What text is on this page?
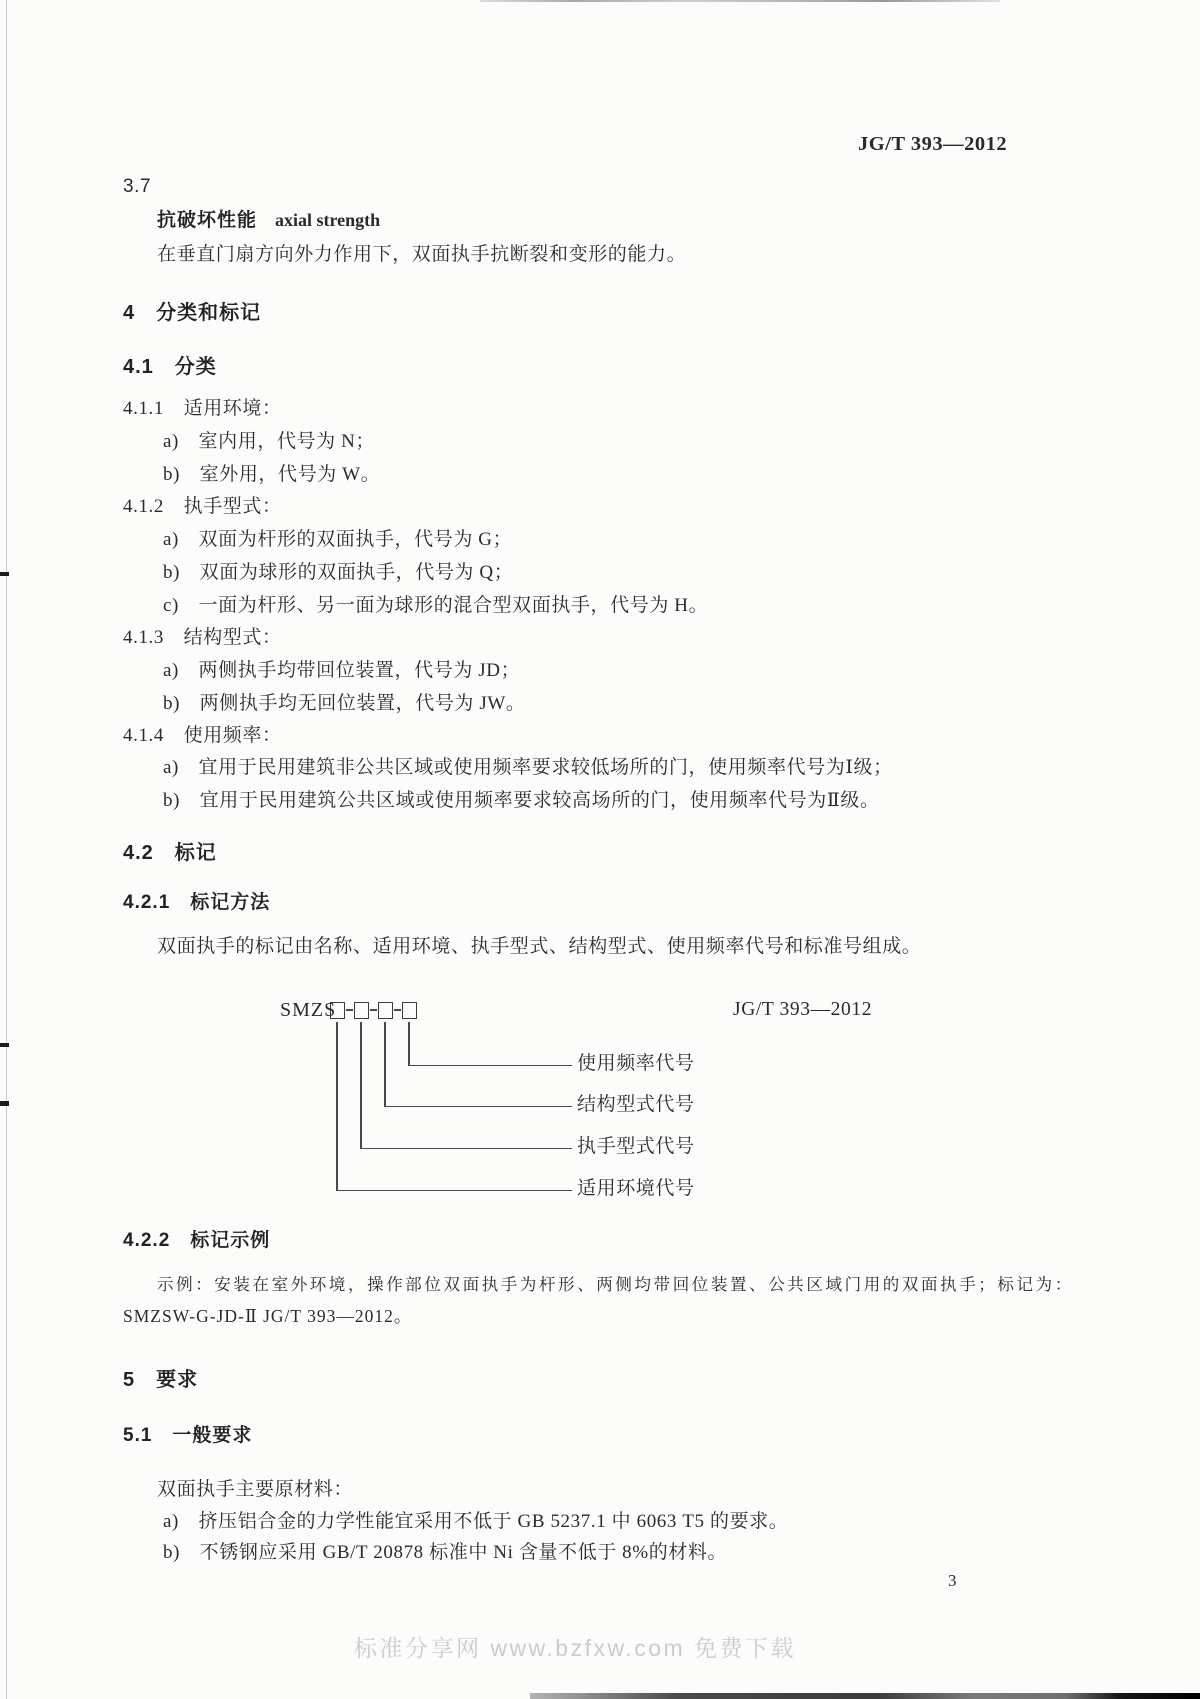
JG/T 393—2012
3.7
抗破坏性能 axial strength
在垂直门扇方向外力作用下，双面执手抗断裂和变形的能力。
4　分类和标记
4.1　分类
4.1.1　适用环境：
a)　室内用，代号为 N；
b)　室外用，代号为 W。
4.1.2　执手型式：
a)　双面为杆形的双面执手，代号为 G；
b)　双面为球形的双面执手，代号为 Q；
c)　一面为杆形、另一面为球形的混合型双面执手，代号为 H。
4.1.3　结构型式：
a)　两侧执手均带回位装置，代号为 JD；
b)　两侧执手均无回位装置，代号为 JW。
4.1.4　使用频率：
a)　宜用于民用建筑非公共区域或使用频率要求较低场所的门，使用频率代号为Ⅰ级；
b)　宜用于民用建筑公共区域或使用频率要求较高场所的门，使用频率代号为Ⅱ级。
4.2　标记
4.2.1　标记方法
双面执手的标记由名称、适用环境、执手型式、结构型式、使用频率代号和标准号组成。
SMZS	JG/T 393—2012
使用频率代号
结构型式代号
执手型式代号
适用环境代号
4.2.2　标记示例
示例：安装在室外环境，操作部位双面执手为杆形、两侧均带回位装置、公共区域门用的双面执手；标记为：
SMZSW-G-JD-Ⅱ JG/T 393—2012。
5　要求
5.1　一般要求
双面执手主要原材料：
a)　挤压铝合金的力学性能宜采用不低于 GB 5237.1 中 6063 T5 的要求。
b)　不锈钢应采用 GB/T 20878 标准中 Ni 含量不低于 8%的材料。
3
标准分享网 www.bzfxw.com 免费下载
